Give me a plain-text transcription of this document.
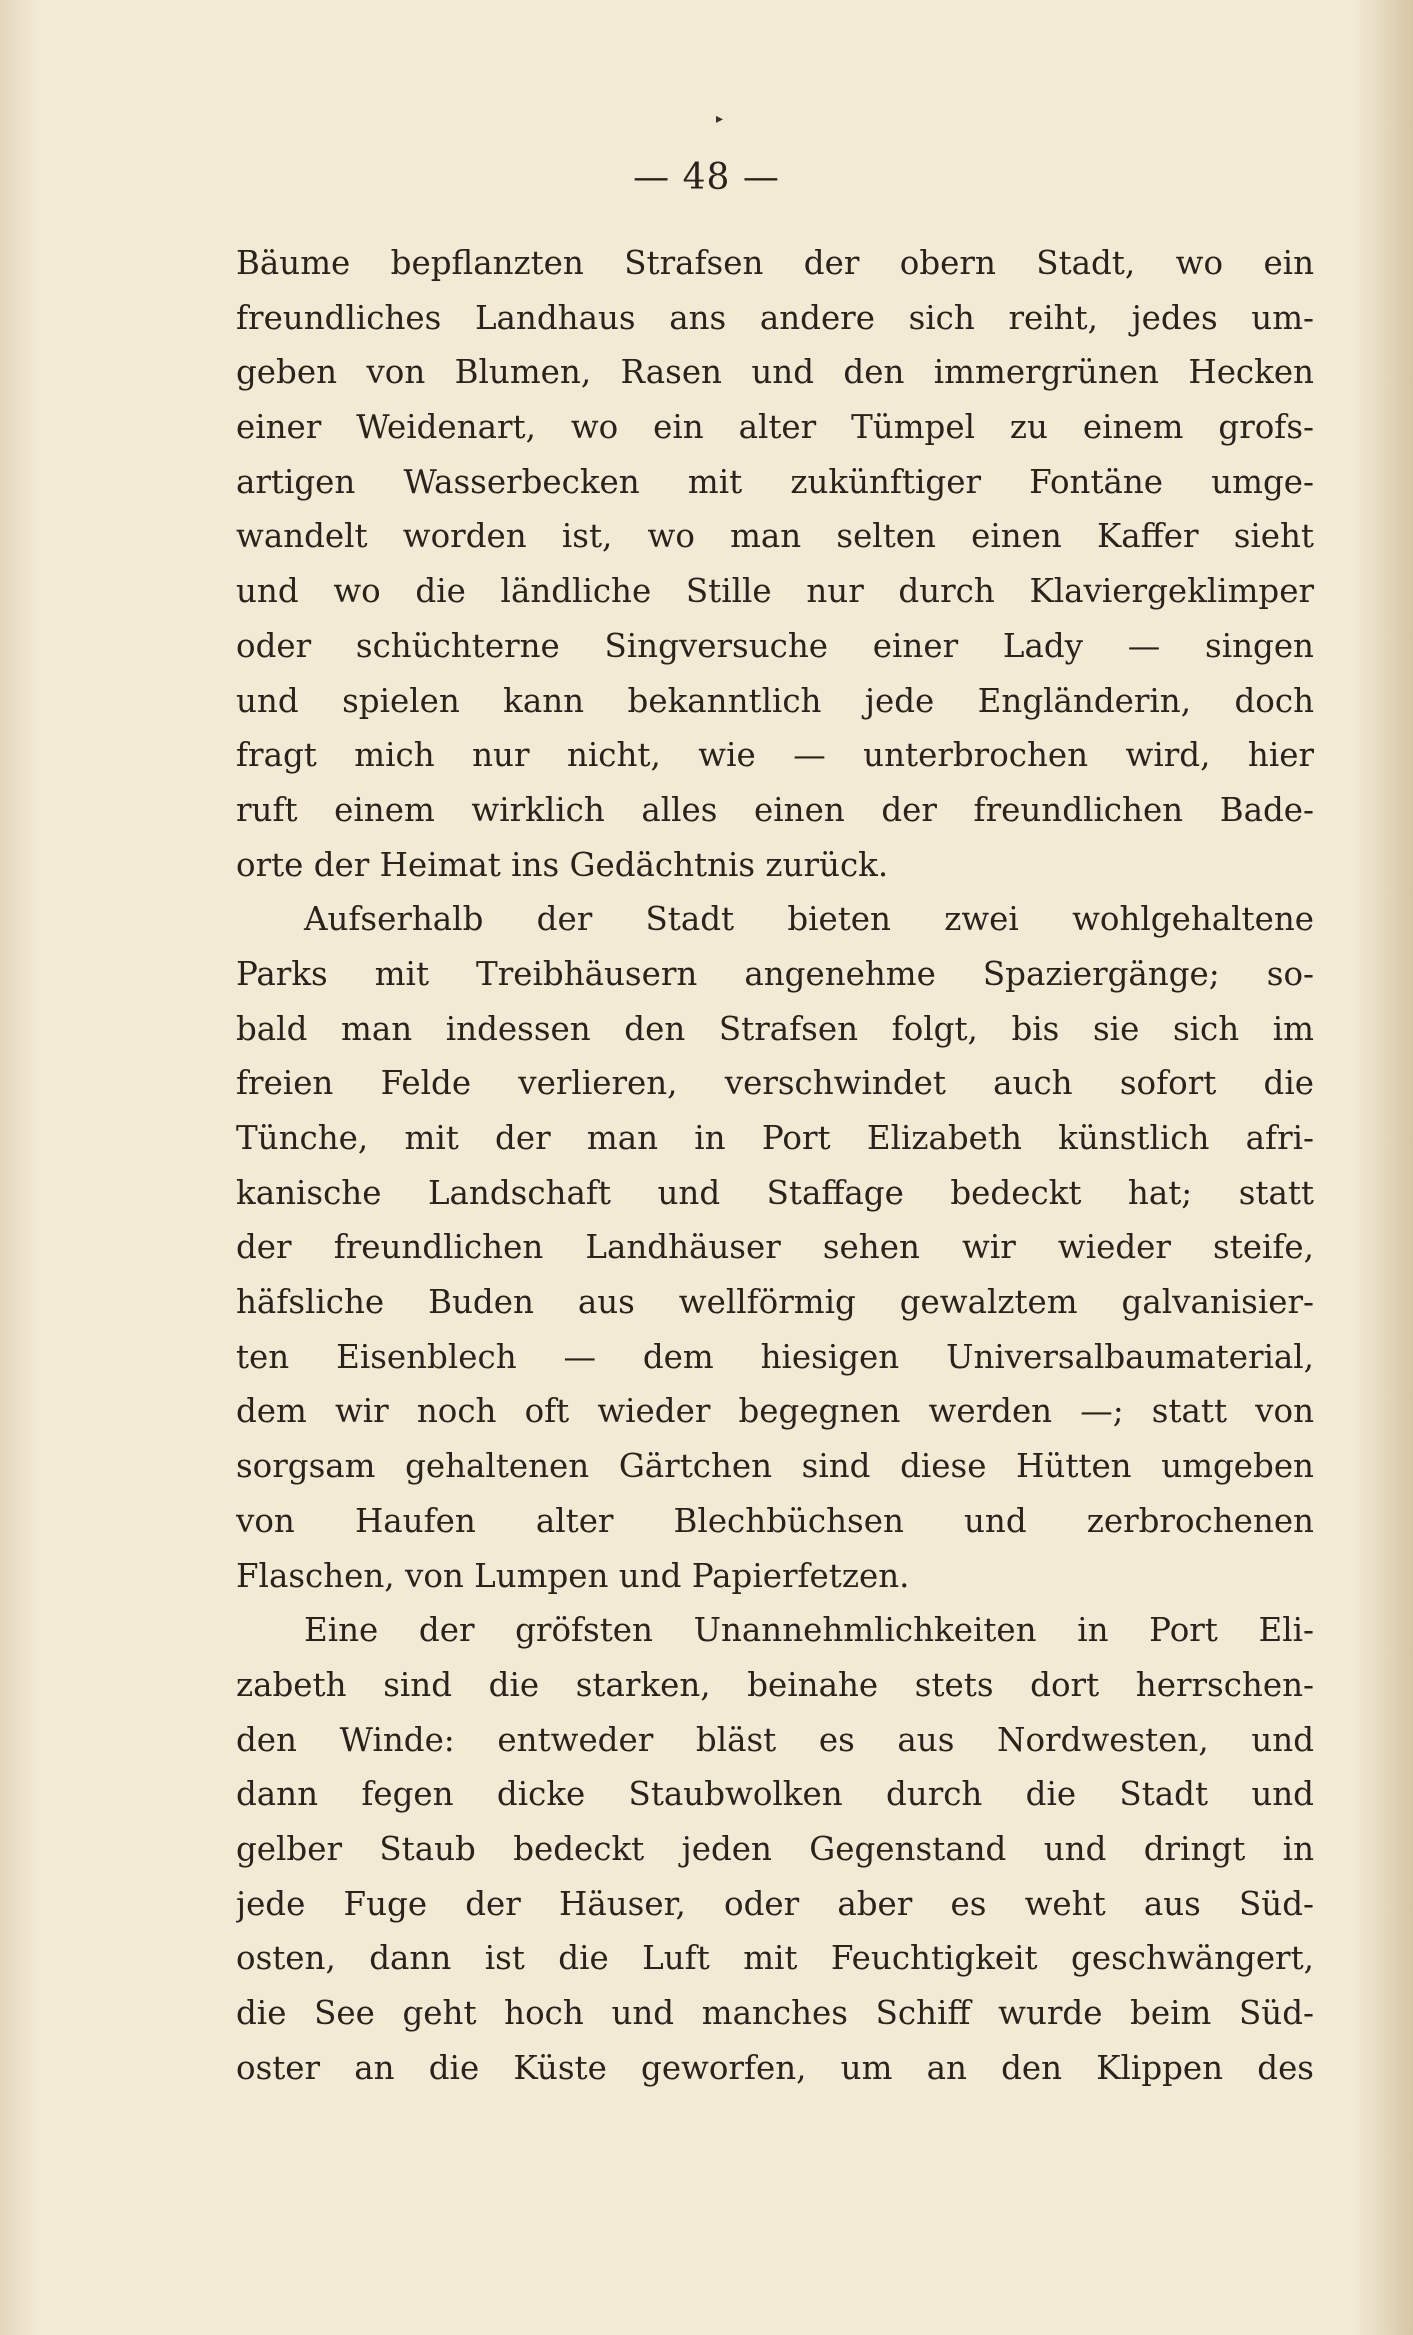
▸
— 48 —
Bäume bepflanzten Strafsen der obern Stadt, wo ein
freundliches Landhaus ans andere sich reiht, jedes um-
geben von Blumen, Rasen und den immergrünen Hecken
einer Weidenart, wo ein alter Tümpel zu einem grofs-
artigen Wasserbecken mit zukünftiger Fontäne umge-
wandelt worden ist, wo man selten einen Kaffer sieht
und wo die ländliche Stille nur durch Klaviergeklimper
oder schüchterne Singversuche einer Lady — singen
und spielen kann bekanntlich jede Engländerin, doch
fragt mich nur nicht, wie — unterbrochen wird, hier
ruft einem wirklich alles einen der freundlichen Bade-
orte der Heimat ins Gedächtnis zurück.
Aufserhalb der Stadt bieten zwei wohlgehaltene
Parks mit Treibhäusern angenehme Spaziergänge; so-
bald man indessen den Strafsen folgt, bis sie sich im
freien Felde verlieren, verschwindet auch sofort die
Tünche, mit der man in Port Elizabeth künstlich afri-
kanische Landschaft und Staffage bedeckt hat; statt
der freundlichen Landhäuser sehen wir wieder steife,
häfsliche Buden aus wellförmig gewalztem galvanisier-
ten Eisenblech — dem hiesigen Universalbaumaterial,
dem wir noch oft wieder begegnen werden —; statt von
sorgsam gehaltenen Gärtchen sind diese Hütten umgeben
von Haufen alter Blechbüchsen und zerbrochenen
Flaschen, von Lumpen und Papierfetzen.
Eine der gröfsten Unannehmlichkeiten in Port Eli-
zabeth sind die starken, beinahe stets dort herrschen-
den Winde: entweder bläst es aus Nordwesten, und
dann fegen dicke Staubwolken durch die Stadt und
gelber Staub bedeckt jeden Gegenstand und dringt in
jede Fuge der Häuser, oder aber es weht aus Süd-
osten, dann ist die Luft mit Feuchtigkeit geschwängert,
die See geht hoch und manches Schiff wurde beim Süd-
oster an die Küste geworfen, um an den Klippen des
